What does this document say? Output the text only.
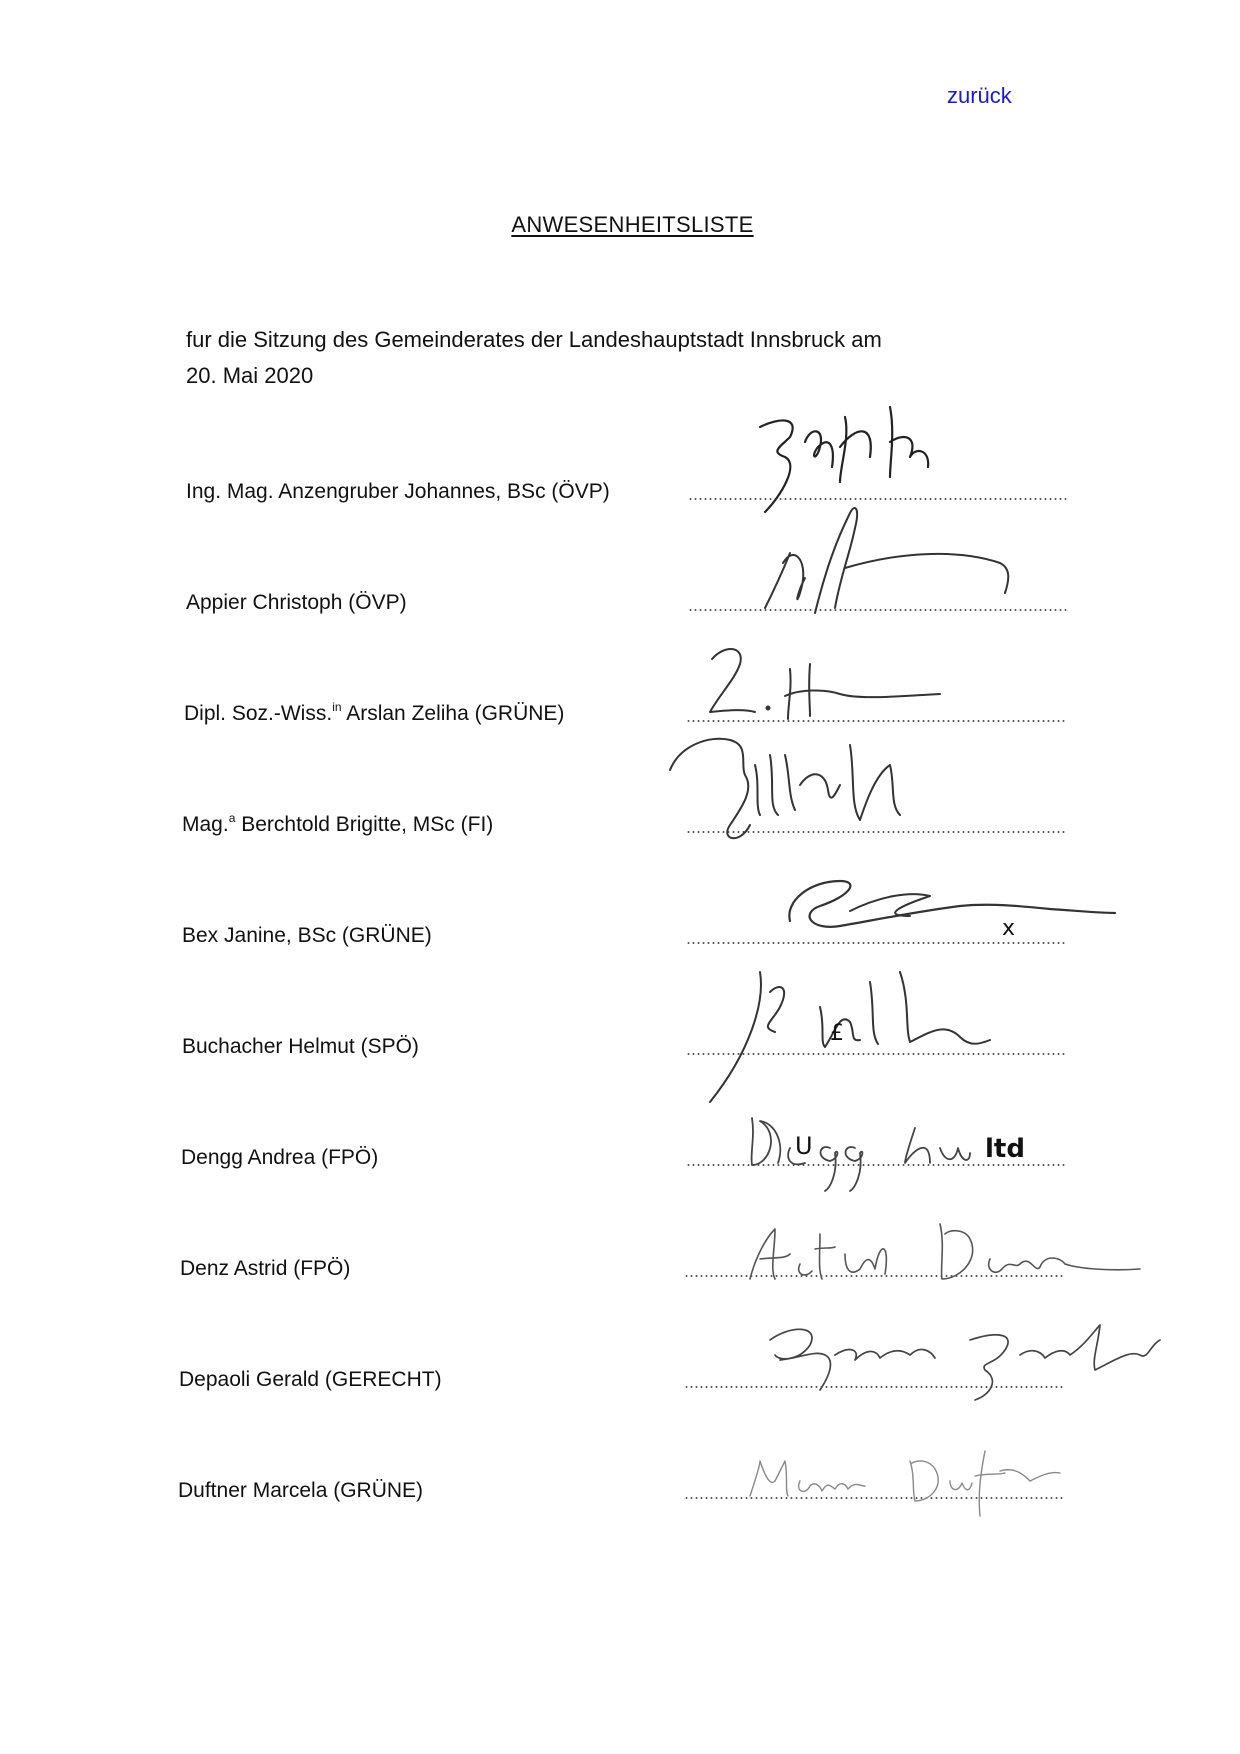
zurück
ANWESENHEITSLISTE
fur die Sitzung des Gemeinderates der Landeshauptstadt Innsbruck am
20. Mai 2020
Ing. Mag. Anzengruber Johannes, BSc (ÖVP)
Appier Christoph (ÖVP)
Dipl. Soz.-Wiss.$^{in}$ Arslan Zeliha (GRÜNE)
Mag.$^a$ Berchtold Brigitte, MSc (FI)
Bex Janine, BSc (GRÜNE)	x
Buchacher Helmut (SPÖ)
£
Dengg Andrea (FPÖ)	U	ltd
Denz Astrid (FPÖ)
Depaoli Gerald (GERECHT)
Duftner Marcela (GRÜNE)
